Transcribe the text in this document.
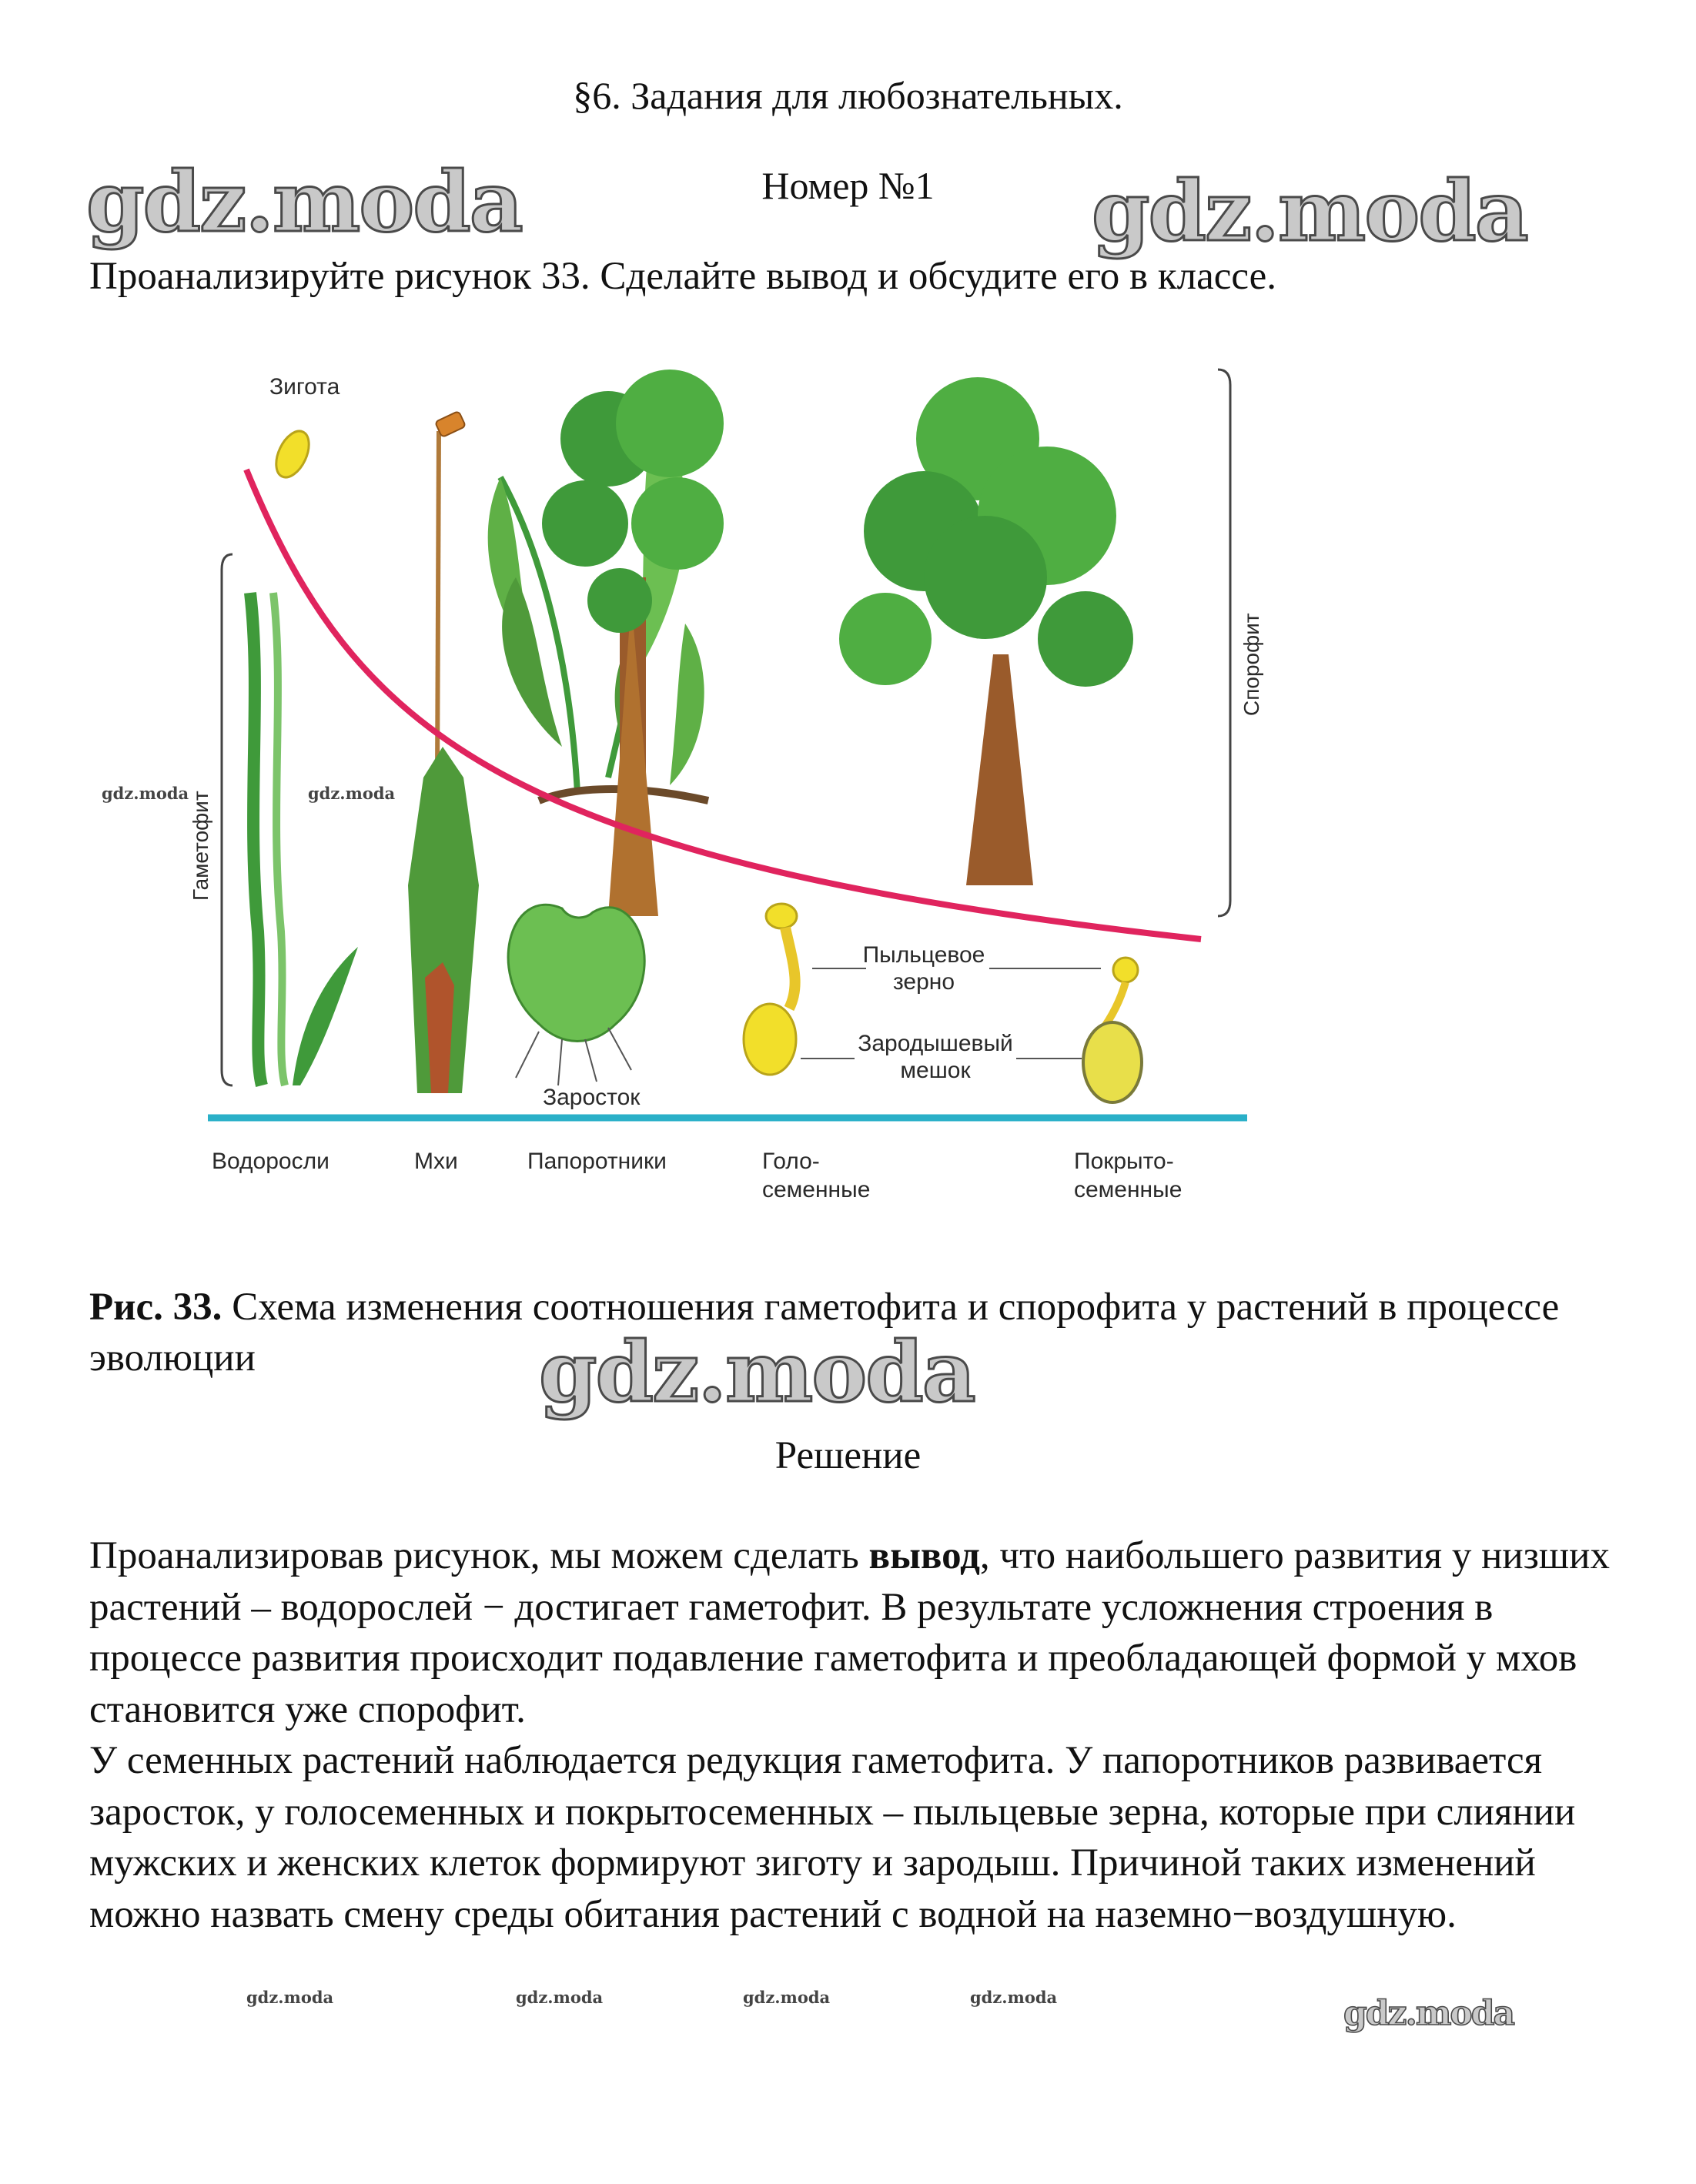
§6. Задания для любознательных.
Номер №1
gdz.moda	gdz.moda
Проанализируйте рисунок 33. Сделайте вывод и обсудите его в классе.
Зигота
Гаметофит
Спорофит
Заросток
Пыльцевое
зерно
Зародышевый
мешок
Водоросли	Мхи	Папоротники	Голо-
семенные
Покрыто-
семенные
gdz.moda	gdz.moda
Рис. 33. Схема изменения соотношения гаметофита и спорофита у растений в процессе эволюции	gdz.moda
Решение

Проанализировав рисунок, мы можем сделать вывод, что наибольшего развития у низших растений – водорослей − достигает гаметофит. В результате усложнения строения в процессе развития происходит подавление гаметофита и преобладающей формой у мхов становится уже спорофит.

У семенных растений наблюдается редукция гаметофита. У папоротников развивается заросток, у голосеменных и покрытосеменных – пыльцевые зерна, которые при слиянии мужских и женских клеток формируют зиготу и зародыш. Причиной таких изменений можно назвать смену среды обитания растений с водной на наземно−воздушную.

gdz.moda	gdz.moda	gdz.moda	gdz.moda	gdz.moda
